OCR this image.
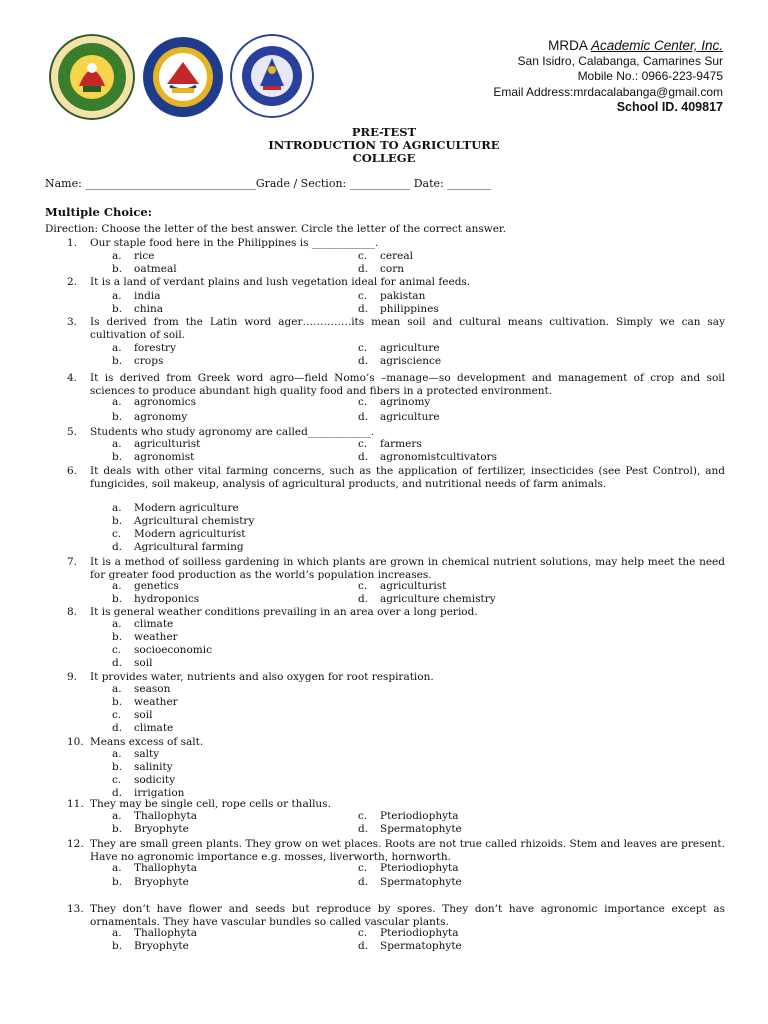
MRDA Academic Center, Inc.
San Isidro, Calabanga, Camarines Sur
Mobile No.: 0966-223-9475
Email Address:mrdacalabanga@gmail.com
School ID. 409817
PRE-TEST
INTRODUCTION TO AGRICULTURE
COLLEGE
Name: _______________________________Grade / Section: ___________ Date: ________
Multiple Choice:
Direction: Choose the letter of the best answer. Circle the letter of the correct answer.
1. Our staple food here in the Philippines is ____________.
a. rice	c. cereal
b. oatmeal	d. corn
2. It is a land of verdant plains and lush vegetation ideal for animal feeds.
a. india	c. pakistan
b. china	d. philippines
3. Is derived from the Latin word ager…………..its mean soil and cultural means cultivation. Simply we can say cultivation of soil.
a. forestry	c. agriculture
b. crops	d. agriscience
4. It is derived from Greek word agro—field Nomo’s –manage—so development and management of crop and soil sciences to produce abundant high quality food and fibers in a protected environment.
a. agronomics	c. agrinomy
b. agronomy	d. agriculture
5. Students who study agronomy are called____________.
a. agriculturist	c. farmers
b. agronomist	d. agronomistcultivators
6. It deals with other vital farming concerns, such as the application of fertilizer, insecticides (see Pest Control), and fungicides, soil makeup, analysis of agricultural products, and nutritional needs of farm animals.
a. Modern agriculture
b. Agricultural chemistry
c. Modern agriculturist
d. Agricultural farming
7. It is a method of soilless gardening in which plants are grown in chemical nutrient solutions, may help meet the need for greater food production as the world’s population increases.
a. genetics	c. agriculturist
b. hydroponics	d. agriculture chemistry
8. It is general weather conditions prevailing in an area over a long period.
a. climate
b. weather
c. socioeconomic
d. soil
9. It provides water, nutrients and also oxygen for root respiration.
a. season
b. weather
c. soil
d. climate
10. Means excess of salt.
a. salty
b. salinity
c. sodicity
d. irrigation
11. They may be single cell, rope cells or thallus.
a. Thallophyta	c. Pteriodiophyta
b. Bryophyte	d. Spermatophyte
12. They are small green plants. They grow on wet places. Roots are not true called rhizoids. Stem and leaves are present. Have no agronomic importance e.g. mosses, liverworth, hornworth.
a. Thallophyta	c. Pteriodiophyta
b. Bryophyte	d. Spermatophyte
13. They don’t have flower and seeds but reproduce by spores. They don’t have agronomic importance except as ornamentals. They have vascular bundles so called vascular plants.
a. Thallophyta	c. Pteriodiophyta
b. Bryophyte	d. Spermatophyte
